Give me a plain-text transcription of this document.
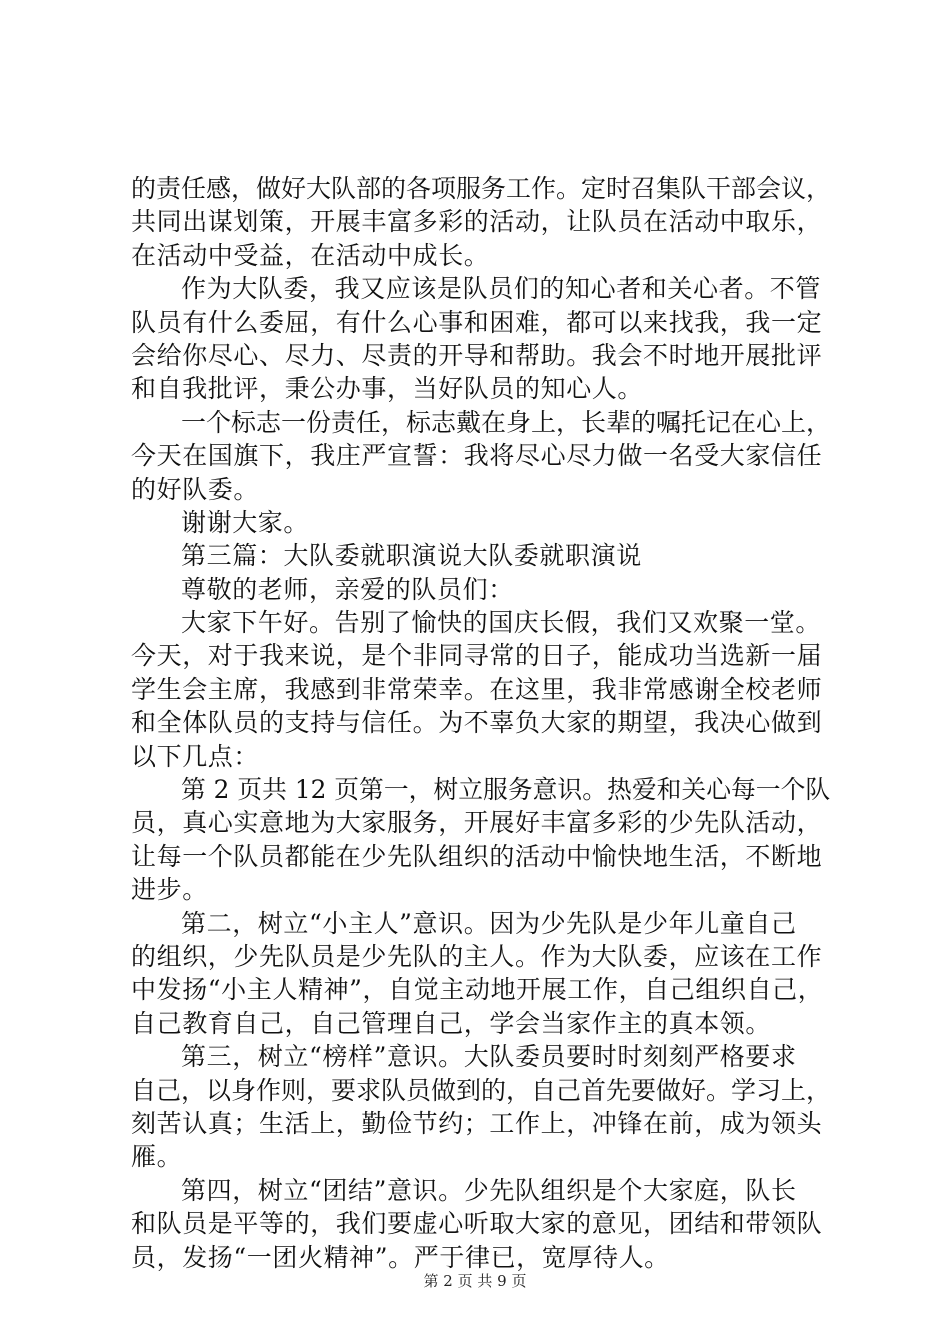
的责任感，做好大队部的各项服务工作。定时召集队干部会议，
共同出谋划策，开展丰富多彩的活动，让队员在活动中取乐，
在活动中受益，在活动中成长。
作为大队委，我又应该是队员们的知心者和关心者。不管
队员有什么委屈，有什么心事和困难，都可以来找我，我一定
会给你尽心、尽力、尽责的开导和帮助。我会不时地开展批评
和自我批评，秉公办事，当好队员的知心人。
一个标志一份责任，标志戴在身上，长辈的嘱托记在心上，
今天在国旗下，我庄严宣誓：我将尽心尽力做一名受大家信任
的好队委。
谢谢大家。
第三篇：大队委就职演说大队委就职演说
尊敬的老师，亲爱的队员们：
大家下午好。告别了愉快的国庆长假，我们又欢聚一堂。
今天，对于我来说，是个非同寻常的日子，能成功当选新一届
学生会主席，我感到非常荣幸。在这里，我非常感谢全校老师
和全体队员的支持与信任。为不辜负大家的期望，我决心做到
以下几点：
第 2 页共 12 页第一，树立服务意识。热爱和关心每一个队
员，真心实意地为大家服务，开展好丰富多彩的少先队活动，
让每一个队员都能在少先队组织的活动中愉快地生活，不断地
进步。
第二，树立“小主人”意识。因为少先队是少年儿童自己
的组织，少先队员是少先队的主人。作为大队委，应该在工作
中发扬“小主人精神”，自觉主动地开展工作，自己组织自己，
自己教育自己，自己管理自己，学会当家作主的真本领。
第三，树立“榜样”意识。大队委员要时时刻刻严格要求
自己，以身作则，要求队员做到的，自己首先要做好。学习上，
刻苦认真；生活上，勤俭节约；工作上，冲锋在前，成为领头
雁。
第四，树立“团结”意识。少先队组织是个大家庭，队长
和队员是平等的，我们要虚心听取大家的意见，团结和带领队
员，发扬“一团火精神”。严于律已，宽厚待人。
第 2 页 共 9 页
